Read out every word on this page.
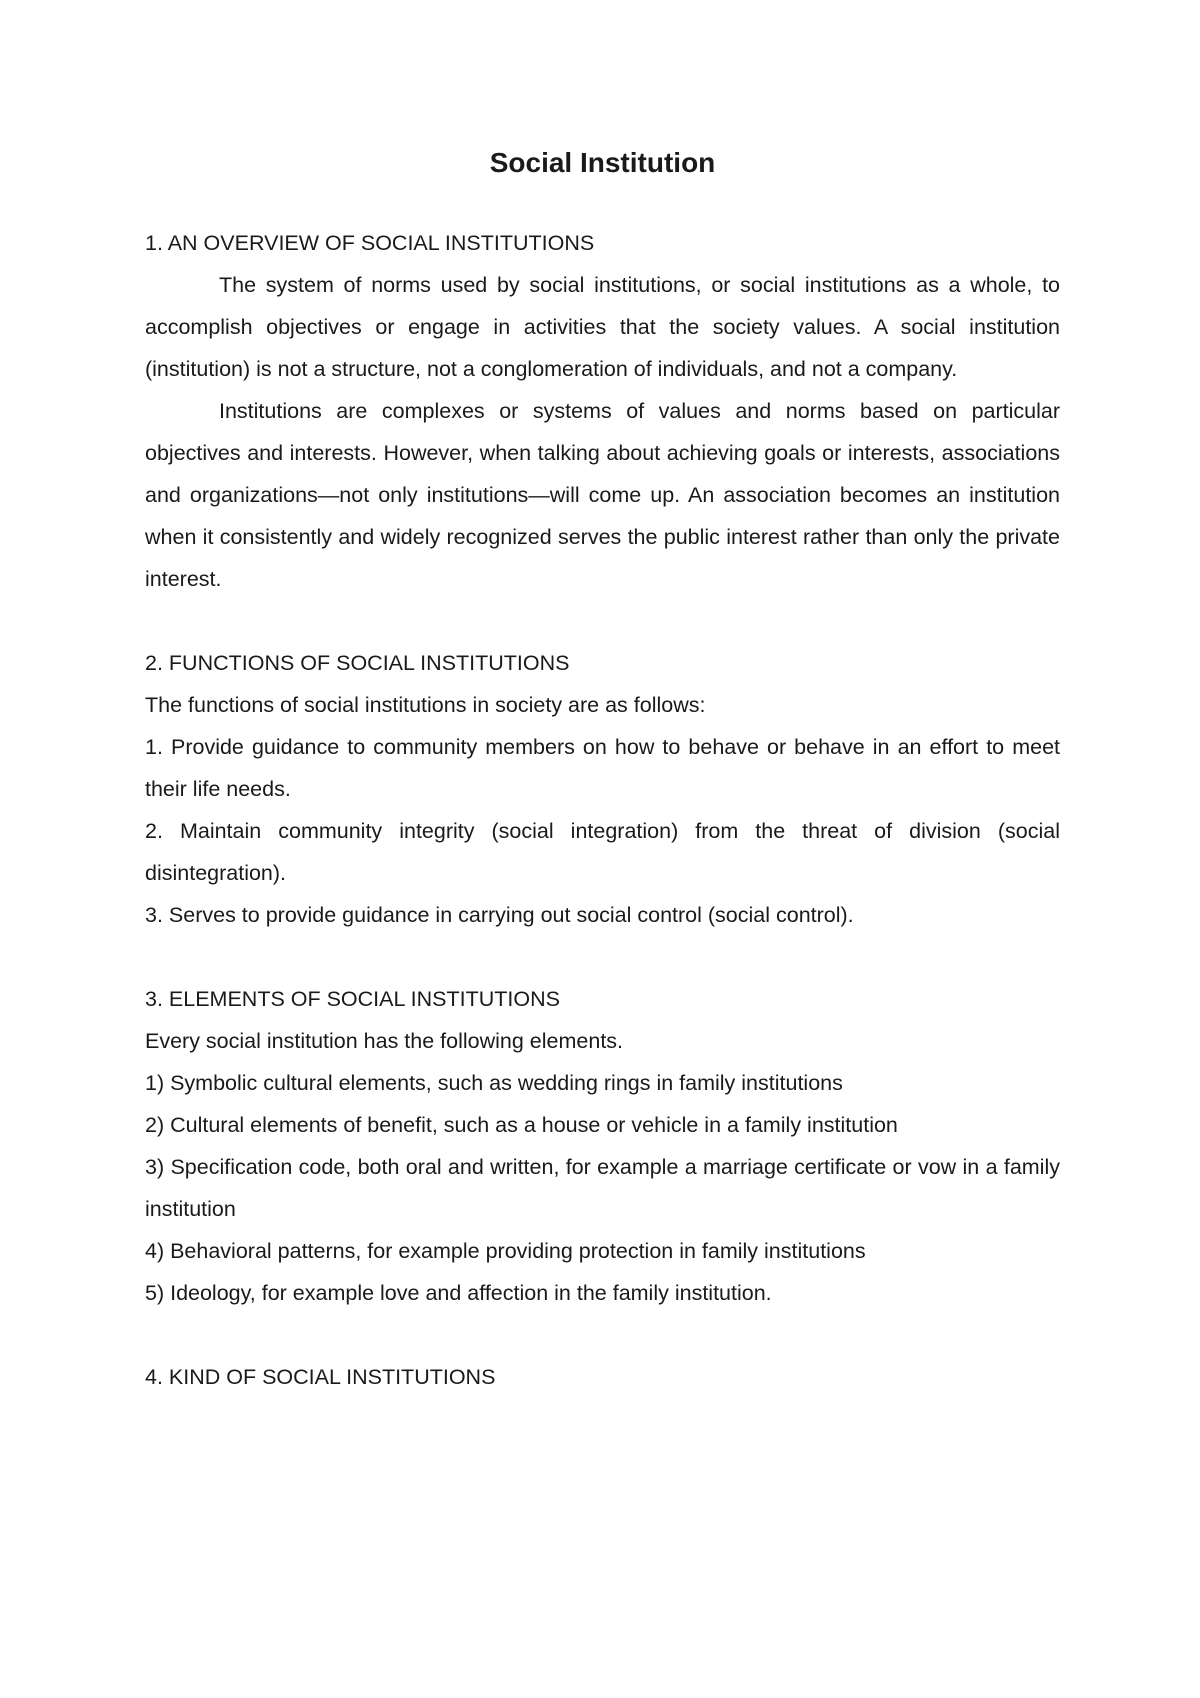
Social Institution

1. AN OVERVIEW OF SOCIAL INSTITUTIONS

The system of norms used by social institutions, or social institutions as a whole, to accomplish objectives or engage in activities that the society values. A social institution (institution) is not a structure, not a conglomeration of individuals, and not a company.

Institutions are complexes or systems of values and norms based on particular objectives and interests. However, when talking about achieving goals or interests, associations and organizations—not only institutions—will come up. An association becomes an institution when it consistently and widely recognized serves the public interest rather than only the private interest.

2. FUNCTIONS OF SOCIAL INSTITUTIONS

The functions of social institutions in society are as follows:

1. Provide guidance to community members on how to behave or behave in an effort to meet their life needs.

2. Maintain community integrity (social integration) from the threat of division (social disintegration).

3. Serves to provide guidance in carrying out social control (social control).

3. ELEMENTS OF SOCIAL INSTITUTIONS

Every social institution has the following elements.

1) Symbolic cultural elements, such as wedding rings in family institutions

2) Cultural elements of benefit, such as a house or vehicle in a family institution

3) Specification code, both oral and written, for example a marriage certificate or vow in a family institution

4) Behavioral patterns, for example providing protection in family institutions

5) Ideology, for example love and affection in the family institution.

4. KIND OF SOCIAL INSTITUTIONS
